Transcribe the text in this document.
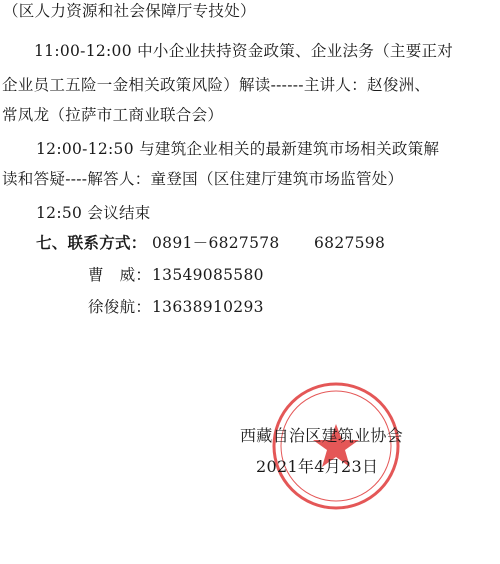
（区人力资源和社会保障厅专技处）
11:00-12:00 中小企业扶持资金政策、企业法务（主要正对
企业员工五险一金相关政策风险）解读------主讲人：赵俊洲、
常凤龙（拉萨市工商业联合会）
12:00-12:50 与建筑企业相关的最新建筑市场相关政策解
读和答疑----解答人：童登国（区住建厅建筑市场监管处）
12:50 会议结束
七、联系方式： 0891－6827578 6827598
曹　威： 13549085580
徐俊航： 13638910293
西藏自治区建筑业协会
2021年4月23日
